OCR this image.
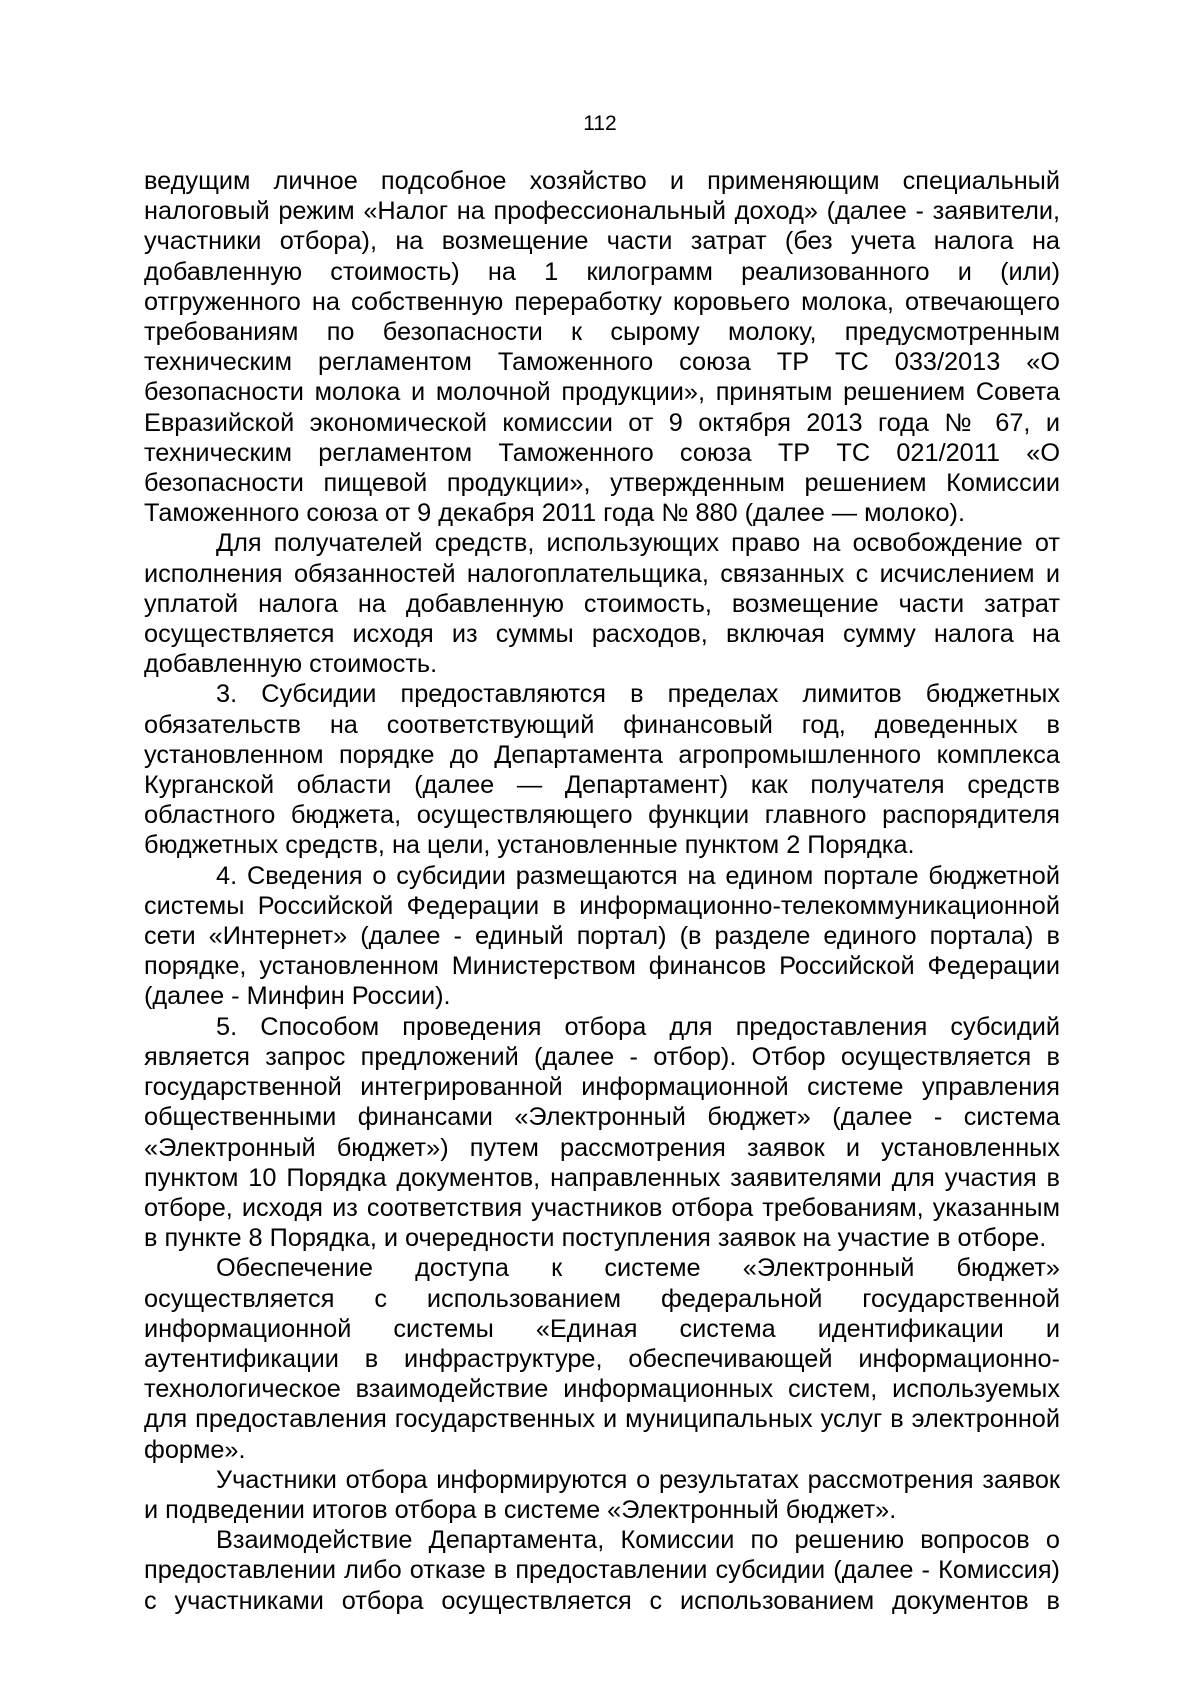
112

ведущим личное подсобное хозяйство и применяющим специальный налоговый режим «Налог на профессиональный доход» (далее - заявители, участники отбора), на возмещение части затрат (без учета налога на добавленную стоимость) на 1 килограмм реализованного и (или) отгруженного на собственную переработку коровьего молока, отвечающего требованиям по безопасности к сырому молоку, предусмотренным техническим регламентом Таможенного союза ТР ТС 033/2013 «О безопасности молока и молочной продукции», принятым решением Совета Евразийской экономической комиссии от 9 октября 2013 года № 67, и техническим регламентом Таможенного союза ТР ТС 021/2011 «О безопасности пищевой продукции», утвержденным решением Комиссии Таможенного союза от 9 декабря 2011 года № 880 (далее — молоко).

Для получателей средств, использующих право на освобождение от исполнения обязанностей налогоплательщика, связанных с исчислением и уплатой налога на добавленную стоимость, возмещение части затрат осуществляется исходя из суммы расходов, включая сумму налога на добавленную стоимость.

3. Субсидии предоставляются в пределах лимитов бюджетных обязательств на соответствующий финансовый год, доведенных в установленном порядке до Департамента агропромышленного комплекса Курганской области (далее — Департамент) как получателя средств областного бюджета, осуществляющего функции главного распорядителя бюджетных средств, на цели, установленные пунктом 2 Порядка.

4. Сведения о субсидии размещаются на едином портале бюджетной системы Российской Федерации в информационно-телекоммуникационной сети «Интернет» (далее - единый портал) (в разделе единого портала) в порядке, установленном Министерством финансов Российской Федерации (далее - Минфин России).

5. Способом проведения отбора для предоставления субсидий является запрос предложений (далее - отбор). Отбор осуществляется в государственной интегрированной информационной системе управления общественными финансами «Электронный бюджет» (далее - система «Электронный бюджет») путем рассмотрения заявок и установленных пунктом 10 Порядка документов, направленных заявителями для участия в отборе, исходя из соответствия участников отбора требованиям, указанным в пункте 8 Порядка, и очередности поступления заявок на участие в отборе.

Обеспечение доступа к системе «Электронный бюджет» осуществляется с использованием федеральной государственной информационной системы «Единая система идентификации и аутентификации в инфраструктуре, обеспечивающей информационно-технологическое взаимодействие информационных систем, используемых для предоставления государственных и муниципальных услуг в электронной форме».

Участники отбора информируются о результатах рассмотрения заявок и подведении итогов отбора в системе «Электронный бюджет».

Взаимодействие Департамента, Комиссии по решению вопросов о предоставлении либо отказе в предоставлении субсидии (далее - Комиссия) с участниками отбора осуществляется с использованием документов в
